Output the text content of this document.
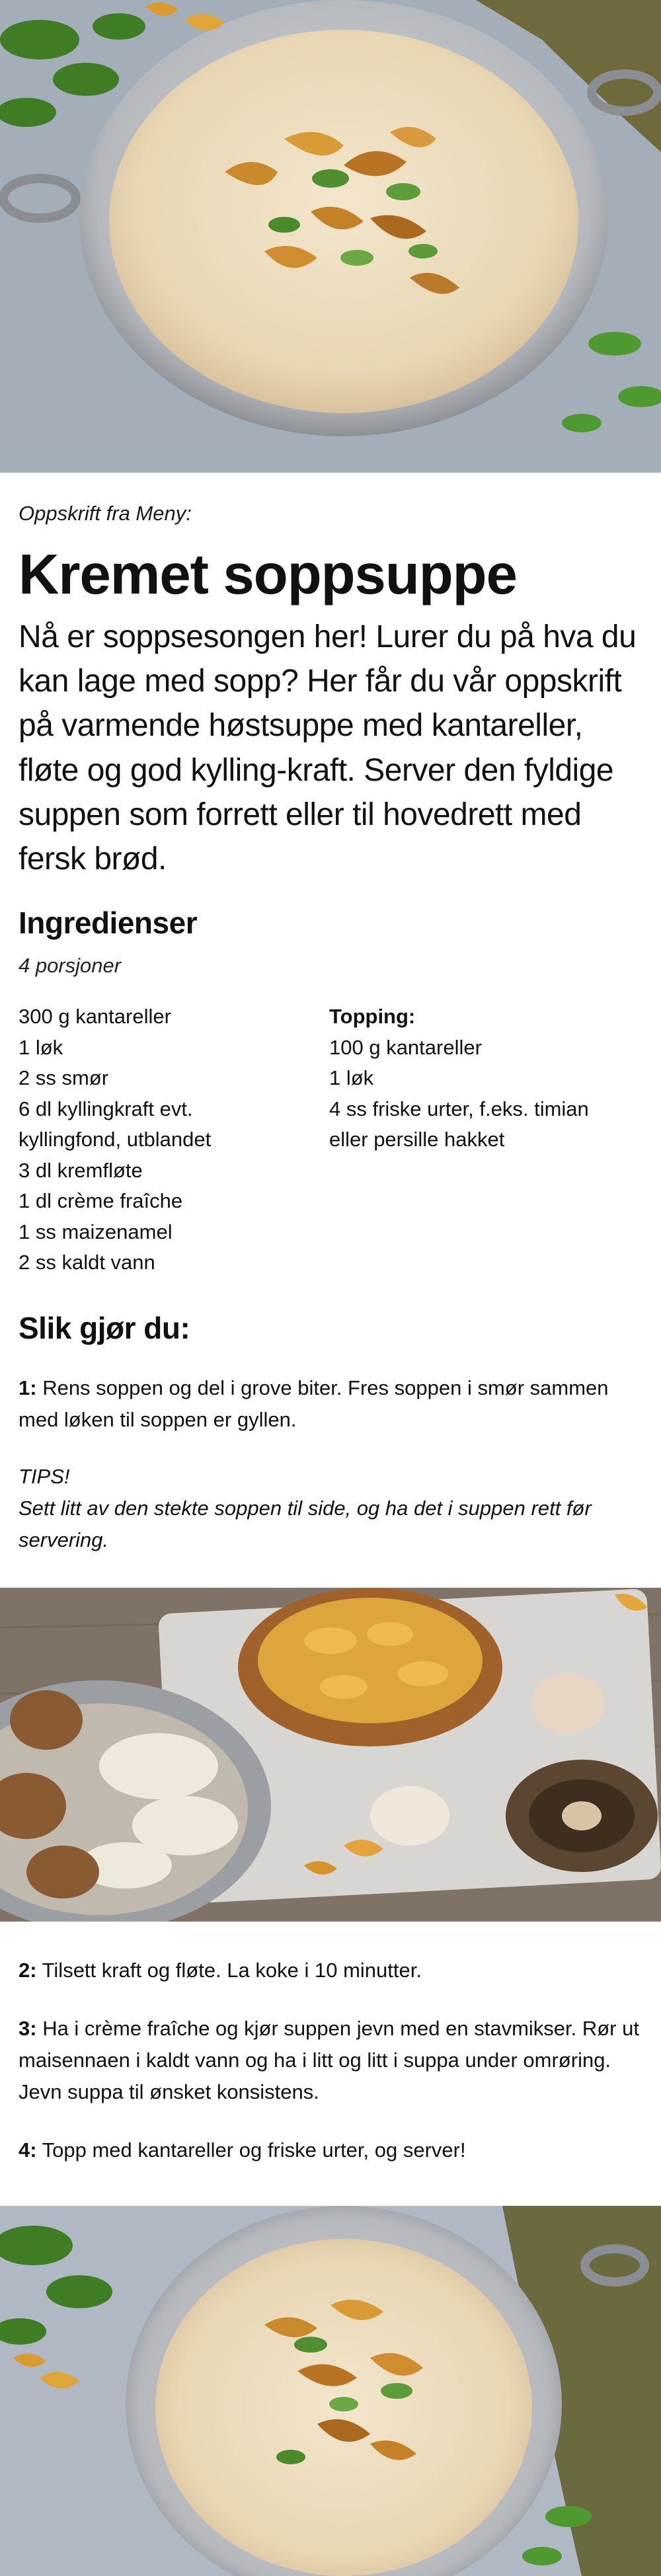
Oppskrift fra Meny:
Kremet soppsuppe

Nå er soppsesongen her! Lurer du på hva du kan lage med sopp? Her får du vår oppskrift på varmende høstsuppe med kantareller, fløte og god kylling-kraft. Server den fyldige suppen som forrett eller til hovedrett med fersk brød.

Ingredienser
4 porsjoner
300 g kantareller
1 løk
2 ss smør
6 dl kyllingkraft evt.
kyllingfond, utblandet
3 dl kremfløte
1 dl crème fraîche
1 ss maizenamel
2 ss kaldt vann
Topping:
100 g kantareller
1 løk
4 ss friske urter, f.eks. timian
eller persille hakket
Slik gjør du:

1: Rens soppen og del i grove biter. Fres soppen i smør sammen med løken til soppen er gyllen.

TIPS!
Sett litt av den stekte soppen til side, og ha det i suppen rett før servering.

2: Tilsett kraft og fløte. La koke i 10 minutter.

3: Ha i crème fraîche og kjør suppen jevn med en stavmikser. Rør ut maisennaen i kaldt vann og ha i litt og litt i suppa under omrøring. Jevn suppa til ønsket konsistens.

4: Topp med kantareller og friske urter, og server!
